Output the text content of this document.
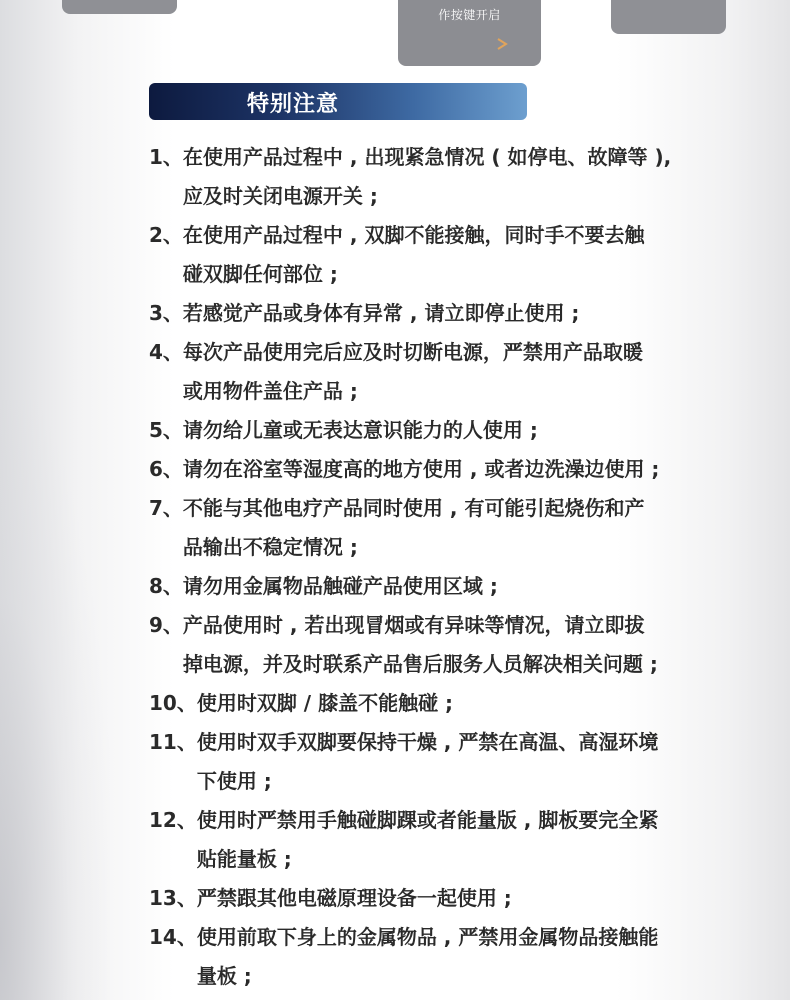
作按键开启
特别注意
1、 在使用产品过程中 , 出现紧急情况 ( 如停电、故障等 ),
应及时关闭电源开关 ;
2、 在使用产品过程中 , 双脚不能接触，同时手不要去触
碰双脚任何部位 ;
3、 若感觉产品或身体有异常 , 请立即停止使用 ;
4、 每次产品使用完后应及时切断电源，严禁用产品取暖
或用物件盖住产品 ;
5、 请勿给儿童或无表达意识能力的人使用 ;
6、 请勿在浴室等湿度高的地方使用 , 或者边洗澡边使用 ;
7、 不能与其他电疗产品同时使用 , 有可能引起烧伤和产
品输出不稳定情况 ;
8、 请勿用金属物品触碰产品使用区域 ;
9、 产品使用时 , 若出现冒烟或有异味等情况，请立即拔
掉电源，并及时联系产品售后服务人员解决相关问题 ;
10、 使用时双脚 / 膝盖不能触碰 ;
11、 使用时双手双脚要保持干燥 , 严禁在高温、高湿环境
下使用 ;
12、 使用时严禁用手触碰脚踝或者能量版 , 脚板要完全紧
贴能量板 ;
13、 严禁跟其他电磁原理设备一起使用 ;
14、 使用前取下身上的金属物品 , 严禁用金属物品接触能
量板 ;
